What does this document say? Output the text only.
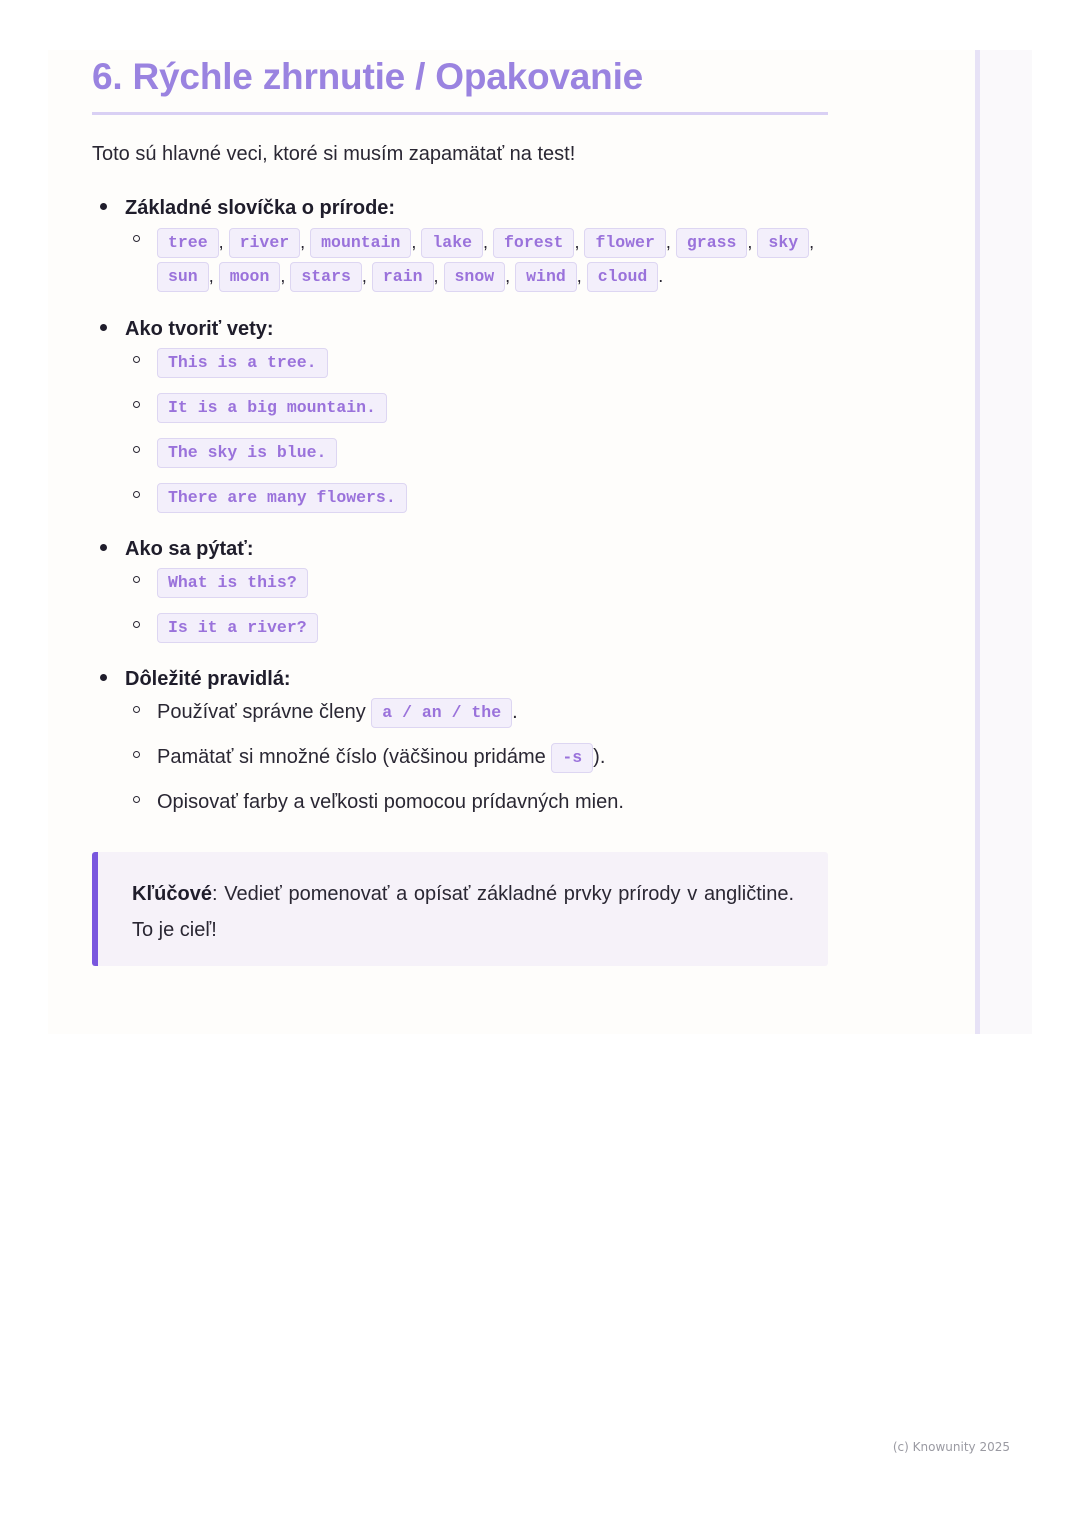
6. Rýchle zhrnutie / Opakovanie
Toto sú hlavné veci, ktoré si musím zapamätať na test!
Základné slovíčka o prírode:
tree , river , mountain , lake , forest , flower , grass , sky , sun , moon , stars , rain , snow , wind , cloud .
Ako tvoriť vety:
This is a tree.
It is a big mountain.
The sky is blue.
There are many flowers.
Ako sa pýtať:
What is this?
Is it a river?
Dôležité pravidlá:
Používať správne členy a / an / the .
Pamätať si množné číslo (väčšinou pridáme -s ).
Opisovať farby a veľkosti pomocou prídavných mien.
Kľúčové: Vedieť pomenovať a opísať základné prvky prírody v angličtine. To je cieľ!
(c) Knowunity 2025
